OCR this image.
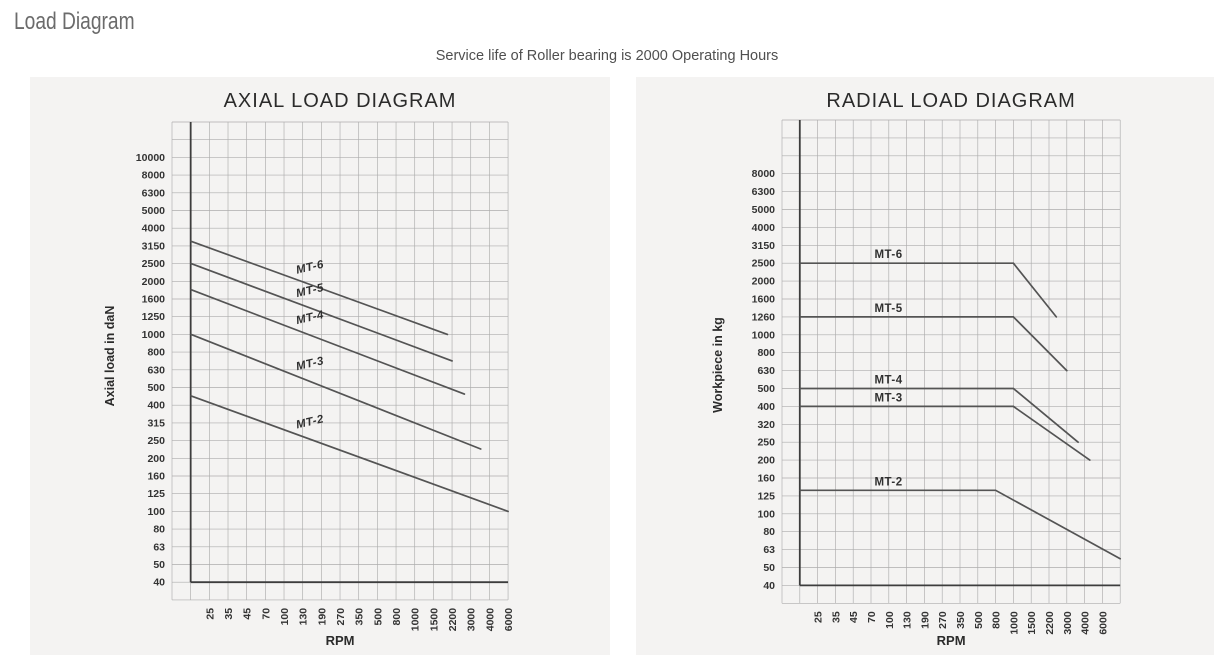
Load Diagram
Service life of Roller bearing is 2000 Operating Hours
10000
8000
6300
5000
4000
3150
2500
2000
1600
1250
1000
800
630
500
400
315
250
200
160
125
100
80
63
50
40
25 35 45 70 100 130 190 270 350 500 800 1000 1500 2200 3000 4000 6000
MT-6
MT-5
MT-4
MT-3
MT-2
AXIAL LOAD DIAGRAM
RPM
Axial load in daN
8000
6300
5000
4000
3150
2500
2000
1600
1260
1000
800
630
500
400
320
250
200
160
125
100
80
63
50
40
25 35 45 70 100 130 190 270 350 500 800 1000 1500 2200 3000 4000 6000
MT-6
MT-5
MT-4
MT-3
MT-2
RADIAL LOAD DIAGRAM
RPM
Workpiece in kg
